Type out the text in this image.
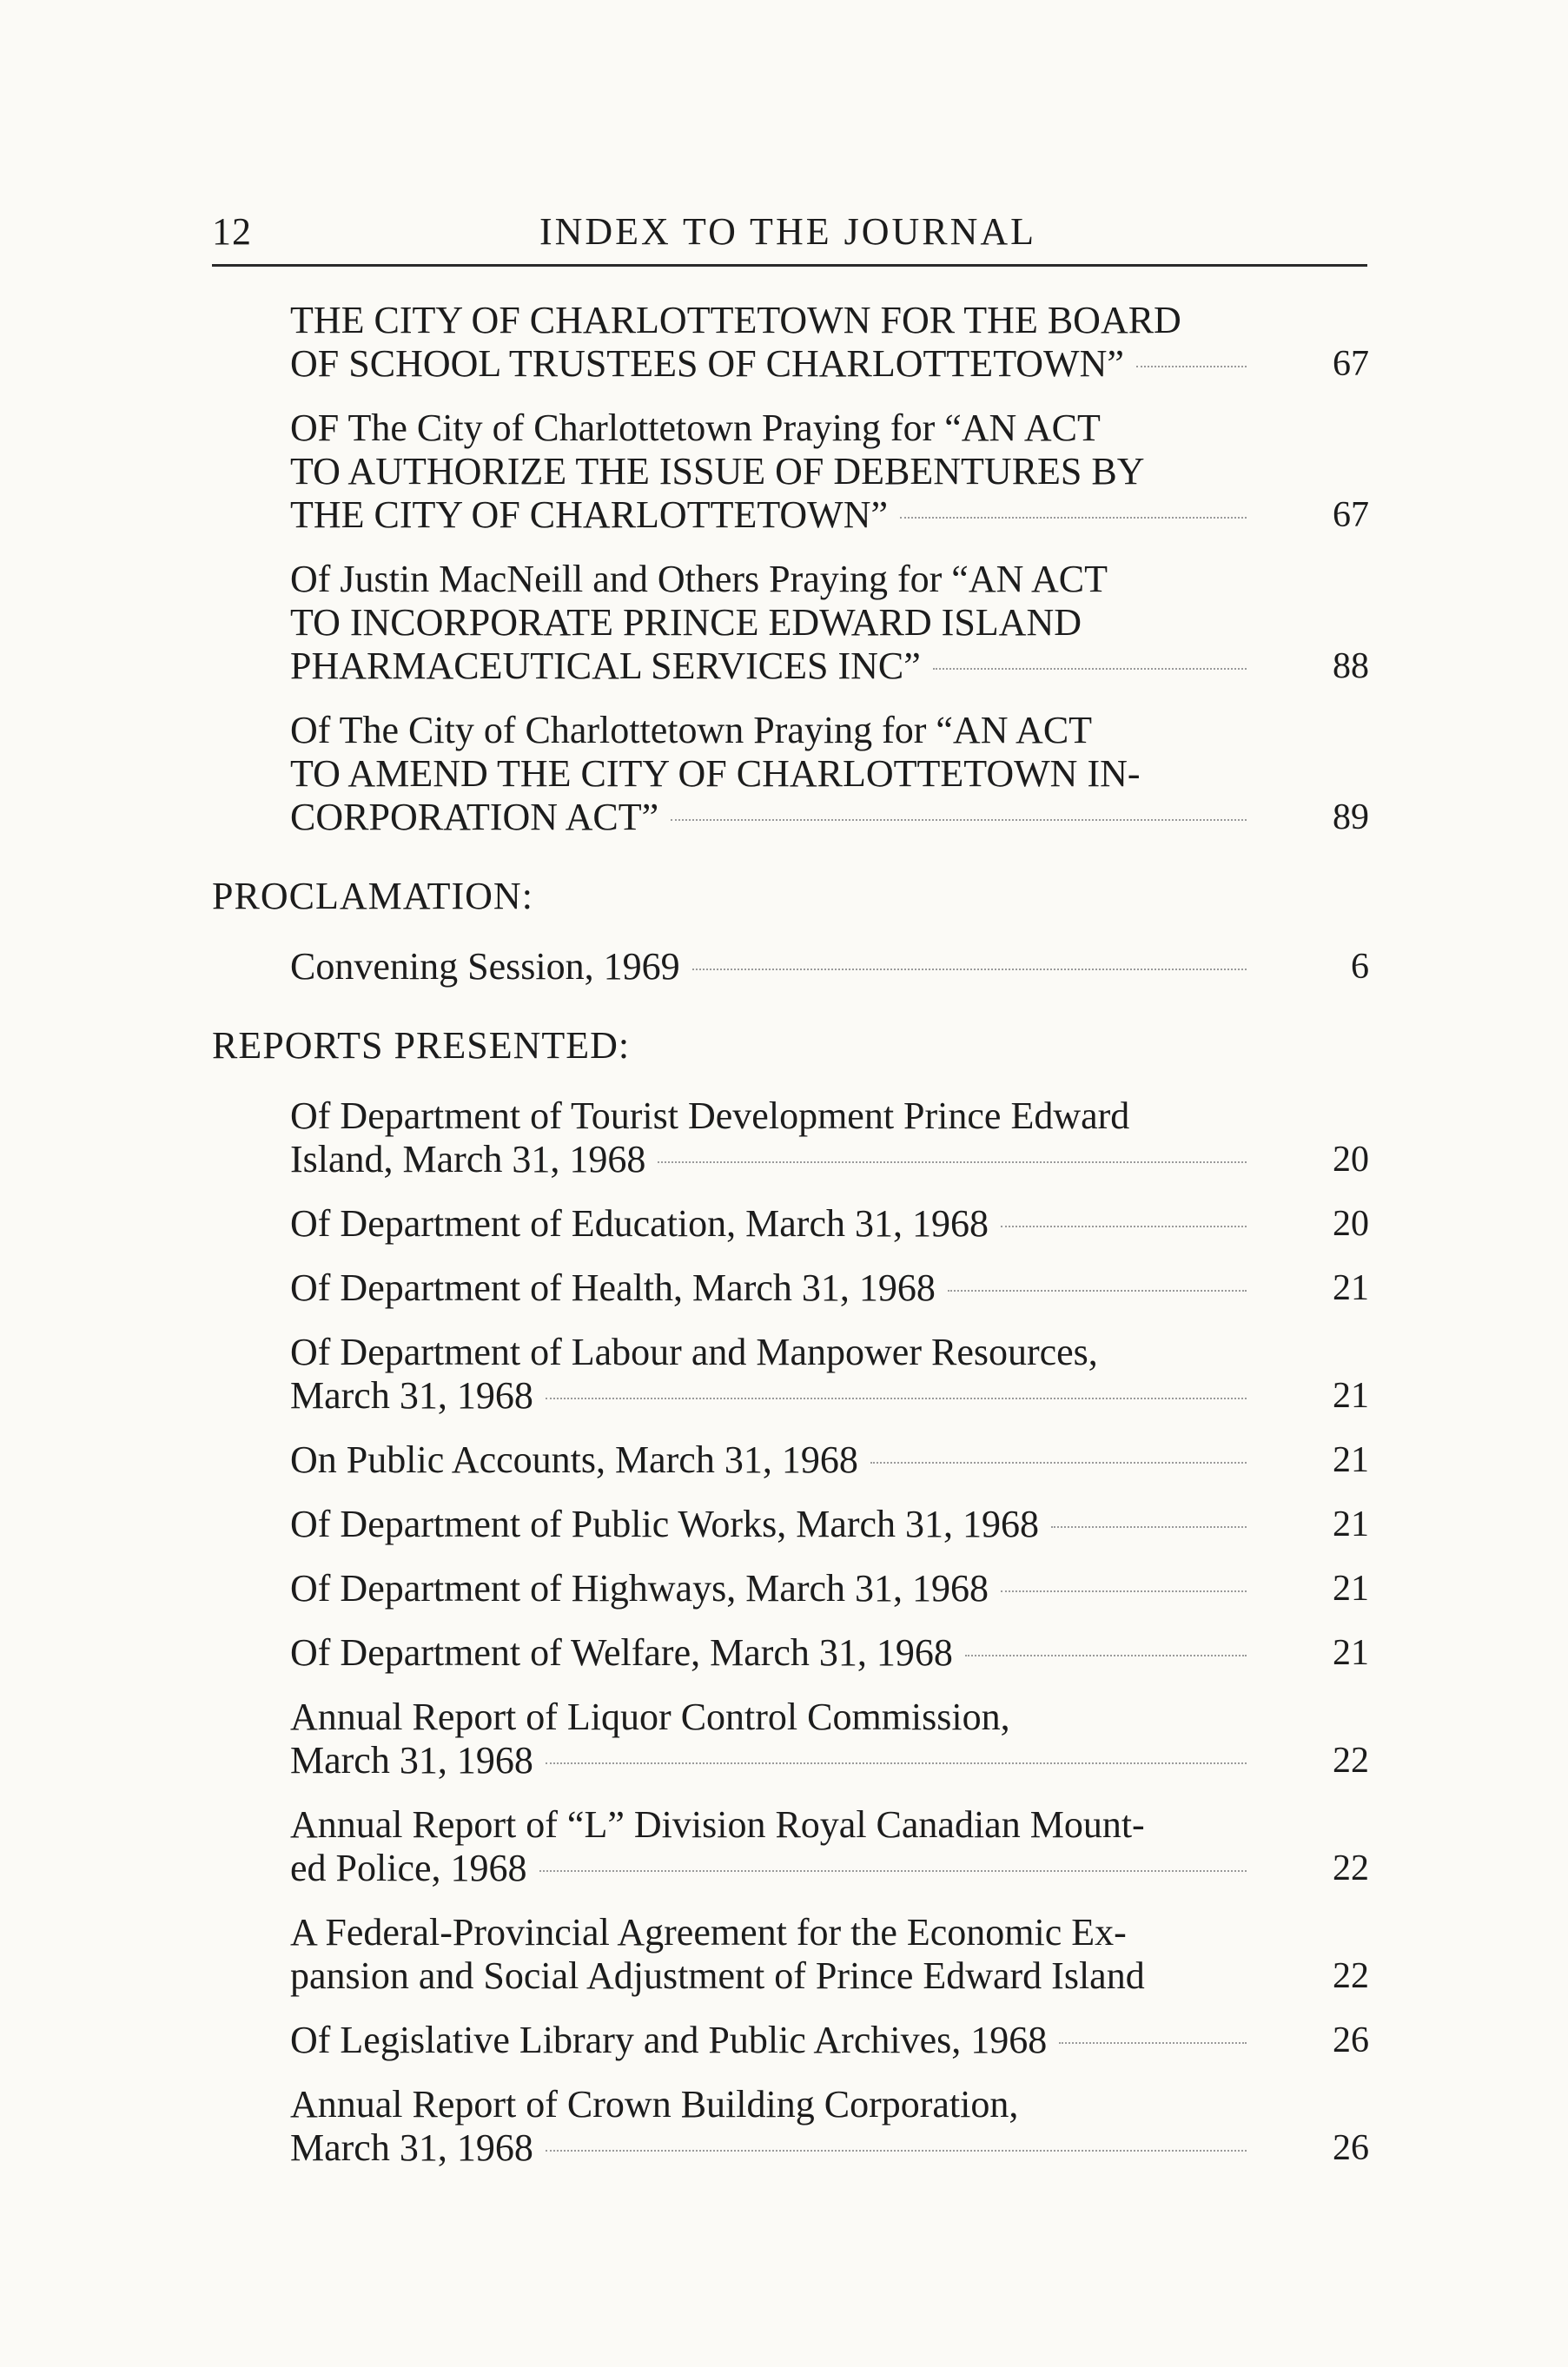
12	INDEX TO THE JOURNAL
THE CITY OF CHARLOTTETOWN FOR THE BOARD
OF SCHOOL TRUSTEES OF CHARLOTTETOWN”	67
OF The City of Charlottetown Praying for “AN ACT
TO AUTHORIZE THE ISSUE OF DEBENTURES BY
THE CITY OF CHARLOTTETOWN”	67
Of Justin MacNeill and Others Praying for “AN ACT
TO INCORPORATE PRINCE EDWARD ISLAND
PHARMACEUTICAL SERVICES INC”	88
Of The City of Charlottetown Praying for “AN ACT
TO AMEND THE CITY OF CHARLOTTETOWN IN-
CORPORATION ACT”	89
PROCLAMATION:
Convening Session, 1969	6
REPORTS PRESENTED:
Of Department of Tourist Development Prince Edward
Island, March 31, 1968	20
Of Department of Education, March 31, 1968	20
Of Department of Health, March 31, 1968	21
Of Department of Labour and Manpower Resources,
March 31, 1968	21
On Public Accounts, March 31, 1968	21
Of Department of Public Works, March 31, 1968	21
Of Department of Highways, March 31, 1968	21
Of Department of Welfare, March 31, 1968	21
Annual Report of Liquor Control Commission,
March 31, 1968	22
Annual Report of “L” Division Royal Canadian Mount-
ed Police, 1968	22
A Federal-Provincial Agreement for the Economic Ex-
pansion and Social Adjustment of Prince Edward Island	22
Of Legislative Library and Public Archives, 1968	26
Annual Report of Crown Building Corporation,
March 31, 1968	26
